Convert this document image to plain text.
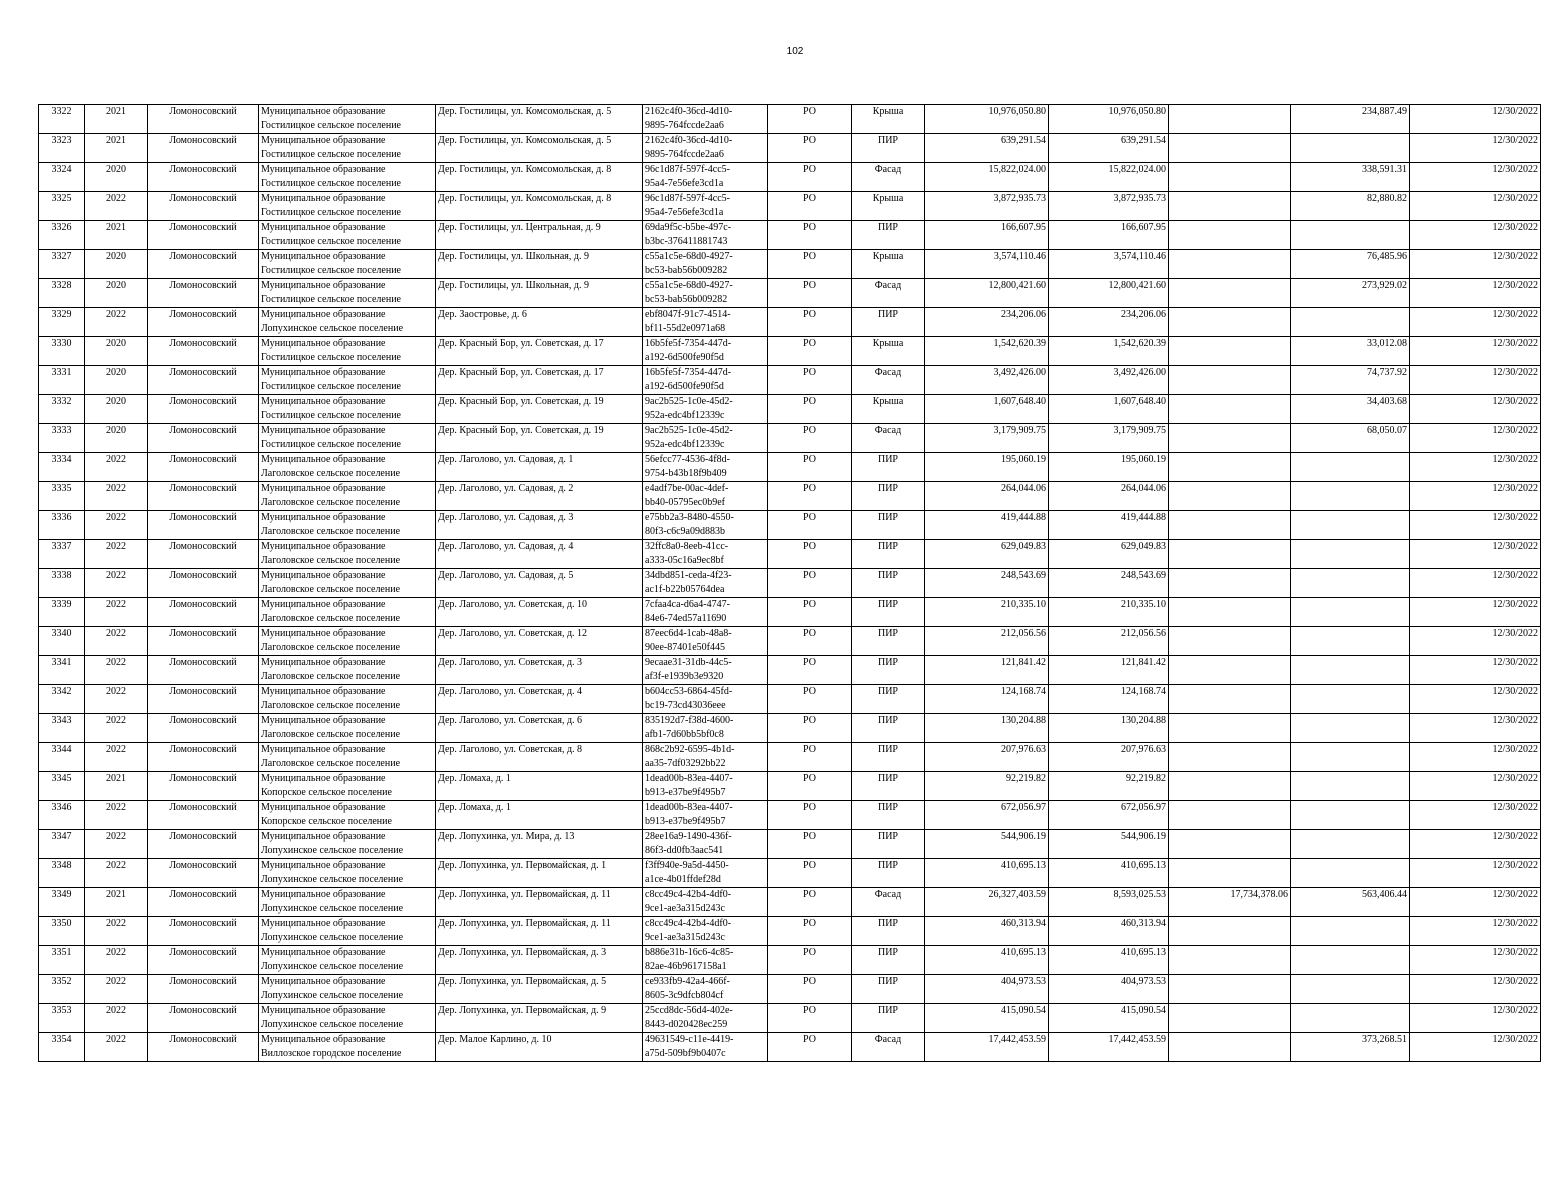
102
3322	2021	Ломоносовский	Муниципальное образование
Гостилицкое сельское поселение	Дер. Гостилицы, ул. Комсомольская, д. 5	2162c4f0-36cd-4d10-
9895-764fccde2aa6	РО	Крыша	10,976,050.80	10,976,050.80		234,887.49	12/30/2022
3323	2021	Ломоносовский	Муниципальное образование
Гостилицкое сельское поселение	Дер. Гостилицы, ул. Комсомольская, д. 5	2162c4f0-36cd-4d10-
9895-764fccde2aa6	РО	ПИР	639,291.54	639,291.54			12/30/2022
3324	2020	Ломоносовский	Муниципальное образование
Гостилицкое сельское поселение	Дер. Гостилицы, ул. Комсомольская, д. 8	96c1d87f-597f-4cc5-
95a4-7e56efe3cd1a	РО	Фасад	15,822,024.00	15,822,024.00		338,591.31	12/30/2022
3325	2022	Ломоносовский	Муниципальное образование
Гостилицкое сельское поселение	Дер. Гостилицы, ул. Комсомольская, д. 8	96c1d87f-597f-4cc5-
95a4-7e56efe3cd1a	РО	Крыша	3,872,935.73	3,872,935.73		82,880.82	12/30/2022
3326	2021	Ломоносовский	Муниципальное образование
Гостилицкое сельское поселение	Дер. Гостилицы, ул. Центральная, д. 9	69da9f5c-b5be-497c-
b3bc-376411881743	РО	ПИР	166,607.95	166,607.95			12/30/2022
3327	2020	Ломоносовский	Муниципальное образование
Гостилицкое сельское поселение	Дер. Гостилицы, ул. Школьная, д. 9	c55a1c5e-68d0-4927-
bc53-bab56b009282	РО	Крыша	3,574,110.46	3,574,110.46		76,485.96	12/30/2022
3328	2020	Ломоносовский	Муниципальное образование
Гостилицкое сельское поселение	Дер. Гостилицы, ул. Школьная, д. 9	c55a1c5e-68d0-4927-
bc53-bab56b009282	РО	Фасад	12,800,421.60	12,800,421.60		273,929.02	12/30/2022
3329	2022	Ломоносовский	Муниципальное образование
Лопухинское сельское поселение	Дер. Заостровье, д. 6	ebf8047f-91c7-4514-
bf11-55d2e0971a68	РО	ПИР	234,206.06	234,206.06			12/30/2022
3330	2020	Ломоносовский	Муниципальное образование
Гостилицкое сельское поселение	Дер. Красный Бор, ул. Советская, д. 17	16b5fe5f-7354-447d-
a192-6d500fe90f5d	РО	Крыша	1,542,620.39	1,542,620.39		33,012.08	12/30/2022
3331	2020	Ломоносовский	Муниципальное образование
Гостилицкое сельское поселение	Дер. Красный Бор, ул. Советская, д. 17	16b5fe5f-7354-447d-
a192-6d500fe90f5d	РО	Фасад	3,492,426.00	3,492,426.00		74,737.92	12/30/2022
3332	2020	Ломоносовский	Муниципальное образование
Гостилицкое сельское поселение	Дер. Красный Бор, ул. Советская, д. 19	9ac2b525-1c0e-45d2-
952a-edc4bf12339c	РО	Крыша	1,607,648.40	1,607,648.40		34,403.68	12/30/2022
3333	2020	Ломоносовский	Муниципальное образование
Гостилицкое сельское поселение	Дер. Красный Бор, ул. Советская, д. 19	9ac2b525-1c0e-45d2-
952a-edc4bf12339c	РО	Фасад	3,179,909.75	3,179,909.75		68,050.07	12/30/2022
3334	2022	Ломоносовский	Муниципальное образование
Лаголовское сельское поселение	Дер. Лаголово, ул. Садовая, д. 1	56efcc77-4536-4f8d-
9754-b43b18f9b409	РО	ПИР	195,060.19	195,060.19			12/30/2022
3335	2022	Ломоносовский	Муниципальное образование
Лаголовское сельское поселение	Дер. Лаголово, ул. Садовая, д. 2	e4adf7be-00ac-4def-
bb40-05795ec0b9ef	РО	ПИР	264,044.06	264,044.06			12/30/2022
3336	2022	Ломоносовский	Муниципальное образование
Лаголовское сельское поселение	Дер. Лаголово, ул. Садовая, д. 3	e75bb2a3-8480-4550-
80f3-c6c9a09d883b	РО	ПИР	419,444.88	419,444.88			12/30/2022
3337	2022	Ломоносовский	Муниципальное образование
Лаголовское сельское поселение	Дер. Лаголово, ул. Садовая, д. 4	32ffc8a0-8eeb-41cc-
a333-05c16a9ec8bf	РО	ПИР	629,049.83	629,049.83			12/30/2022
3338	2022	Ломоносовский	Муниципальное образование
Лаголовское сельское поселение	Дер. Лаголово, ул. Садовая, д. 5	34dbd851-ceda-4f23-
ac1f-b22b05764dea	РО	ПИР	248,543.69	248,543.69			12/30/2022
3339	2022	Ломоносовский	Муниципальное образование
Лаголовское сельское поселение	Дер. Лаголово, ул. Советская, д. 10	7cfaa4ca-d6a4-4747-
84e6-74ed57a11690	РО	ПИР	210,335.10	210,335.10			12/30/2022
3340	2022	Ломоносовский	Муниципальное образование
Лаголовское сельское поселение	Дер. Лаголово, ул. Советская, д. 12	87eec6d4-1cab-48a8-
90ee-87401e50f445	РО	ПИР	212,056.56	212,056.56			12/30/2022
3341	2022	Ломоносовский	Муниципальное образование
Лаголовское сельское поселение	Дер. Лаголово, ул. Советская, д. 3	9ecaae31-31db-44c5-
af3f-e1939b3e9320	РО	ПИР	121,841.42	121,841.42			12/30/2022
3342	2022	Ломоносовский	Муниципальное образование
Лаголовское сельское поселение	Дер. Лаголово, ул. Советская, д. 4	b604cc53-6864-45fd-
bc19-73cd43036eee	РО	ПИР	124,168.74	124,168.74			12/30/2022
3343	2022	Ломоносовский	Муниципальное образование
Лаголовское сельское поселение	Дер. Лаголово, ул. Советская, д. 6	835192d7-f38d-4600-
afb1-7d60bb5bf0c8	РО	ПИР	130,204.88	130,204.88			12/30/2022
3344	2022	Ломоносовский	Муниципальное образование
Лаголовское сельское поселение	Дер. Лаголово, ул. Советская, д. 8	868c2b92-6595-4b1d-
aa35-7df03292bb22	РО	ПИР	207,976.63	207,976.63			12/30/2022
3345	2021	Ломоносовский	Муниципальное образование
Копорское сельское поселение	Дер. Ломаха, д. 1	1dead00b-83ea-4407-
b913-e37be9f495b7	РО	ПИР	92,219.82	92,219.82			12/30/2022
3346	2022	Ломоносовский	Муниципальное образование
Копорское сельское поселение	Дер. Ломаха, д. 1	1dead00b-83ea-4407-
b913-e37be9f495b7	РО	ПИР	672,056.97	672,056.97			12/30/2022
3347	2022	Ломоносовский	Муниципальное образование
Лопухинское сельское поселение	Дер. Лопухинка, ул. Мира, д. 13	28ee16a9-1490-436f-
86f3-dd0fb3aac541	РО	ПИР	544,906.19	544,906.19			12/30/2022
3348	2022	Ломоносовский	Муниципальное образование
Лопухинское сельское поселение	Дер. Лопухинка, ул. Первомайская, д. 1	f3ff940e-9a5d-4450-
a1ce-4b01ffdef28d	РО	ПИР	410,695.13	410,695.13			12/30/2022
3349	2021	Ломоносовский	Муниципальное образование
Лопухинское сельское поселение	Дер. Лопухинка, ул. Первомайская, д. 11	c8cc49c4-42b4-4df0-
9ce1-ae3a315d243c	РО	Фасад	26,327,403.59	8,593,025.53	17,734,378.06	563,406.44	12/30/2022
3350	2022	Ломоносовский	Муниципальное образование
Лопухинское сельское поселение	Дер. Лопухинка, ул. Первомайская, д. 11	c8cc49c4-42b4-4df0-
9ce1-ae3a315d243c	РО	ПИР	460,313.94	460,313.94			12/30/2022
3351	2022	Ломоносовский	Муниципальное образование
Лопухинское сельское поселение	Дер. Лопухинка, ул. Первомайская, д. 3	b886e31b-16c6-4c85-
82ae-46b9617158a1	РО	ПИР	410,695.13	410,695.13			12/30/2022
3352	2022	Ломоносовский	Муниципальное образование
Лопухинское сельское поселение	Дер. Лопухинка, ул. Первомайская, д. 5	ce933fb9-42a4-466f-
8605-3c9dfcb804cf	РО	ПИР	404,973.53	404,973.53			12/30/2022
3353	2022	Ломоносовский	Муниципальное образование
Лопухинское сельское поселение	Дер. Лопухинка, ул. Первомайская, д. 9	25ccd8dc-56d4-402e-
8443-d020428ec259	РО	ПИР	415,090.54	415,090.54			12/30/2022
3354	2022	Ломоносовский	Муниципальное образование
Виллозское городское поселение	Дер. Малое Карлино, д. 10	49631549-c11e-4419-
a75d-509bf9b0407c	РО	Фасад	17,442,453.59	17,442,453.59		373,268.51	12/30/2022
